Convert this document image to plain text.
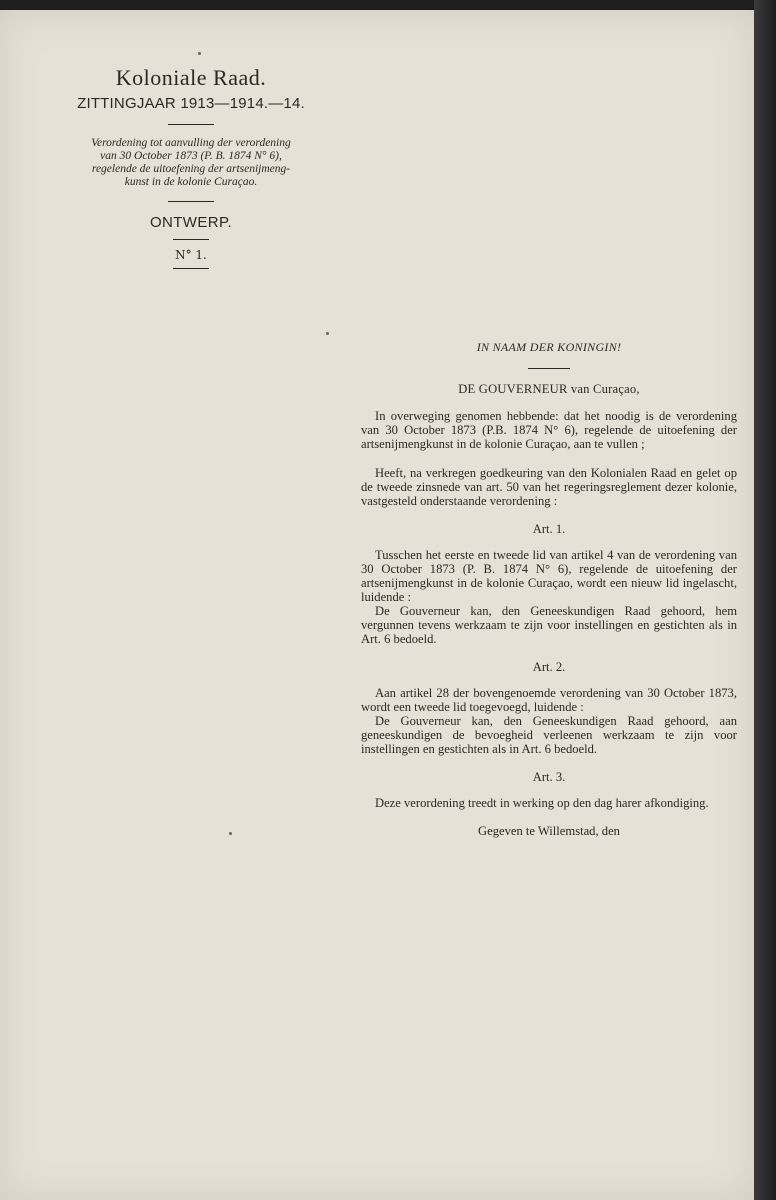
Koloniale Raad.

ZITTINGJAAR 1913—1914.—14.

Verordening tot aanvulling der verordening

van 30 October 1873 (P. B. 1874 N° 6),

regelende de uitoefening der artsenijmeng-

kunst in de kolonie Curaçao.

ONTWERP.

N° 1.

IN NAAM DER KONINGIN!

DE GOUVERNEUR van Curaçao,

In overweging genomen hebbende: dat het noodig is de verordening van 30 October 1873 (P.B. 1874 N° 6), regelende de uitoefening der artsenijmengkunst in de kolonie Curaçao, aan te vullen ;

Heeft, na verkregen goedkeuring van den Kolonialen Raad en gelet op de tweede zinsnede van art. 50 van het regeringsreglement dezer kolonie, vastgesteld onderstaande verordening :

Art. 1.

Tusschen het eerste en tweede lid van artikel 4 van de verordening van 30 October 1873 (P. B. 1874 N° 6), regelende de uitoefening der artsenijmengkunst in de kolonie Curaçao, wordt een nieuw lid ingelascht, luidende :

De Gouverneur kan, den Geneeskundigen Raad gehoord, hem vergunnen tevens werkzaam te zijn voor instellingen en gestichten als in Art. 6 bedoeld.

Art. 2.

Aan artikel 28 der bovengenoemde verordening van 30 October 1873, wordt een tweede lid toegevoegd, luidende :

De Gouverneur kan, den Geneeskundigen Raad gehoord, aan geneeskundigen de bevoegheid verleenen werkzaam te zijn voor instellingen en gestichten als in Art. 6 bedoeld.

Art. 3.

Deze verordening treedt in werking op den dag harer afkondiging.

Gegeven te Willemstad, den
